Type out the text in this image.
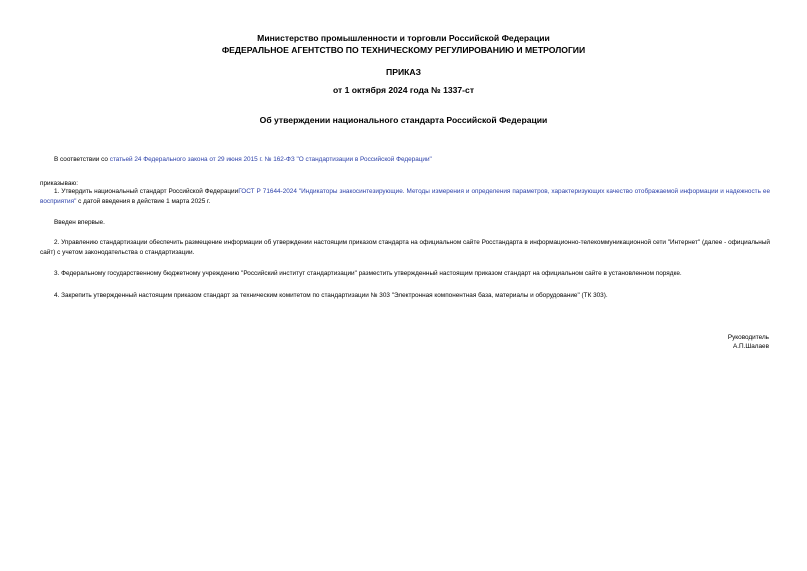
Министерство промышленности и торговли Российской Федерации
ФЕДЕРАЛЬНОЕ АГЕНТСТВО ПО ТЕХНИЧЕСКОМУ РЕГУЛИРОВАНИЮ И МЕТРОЛОГИИ
ПРИКАЗ
от 1 октября 2024 года № 1337-ст
Об утверждении национального стандарта Российской Федерации
В соответствии со статьей 24 Федерального закона от 29 июня 2015 г. № 162-ФЗ "О стандартизации в Российской Федерации"
приказываю:
1. Утвердить национальный стандарт Российской ФедерацииГОСТ Р 71644-2024 "Индикаторы знакосинтезирующие. Методы измерения и определения параметров, характеризующих качество отображаемой информации и надежность ее восприятия" с датой введения в действие 1 марта 2025 г.
Введен впервые.
2. Управлению стандартизации обеспечить размещение информации об утверждении настоящим приказом стандарта на официальном сайте Росстандарта в информационно-телекоммуникационной сети "Интернет" (далее - официальный сайт) с учетом законодательства о стандартизации.
3. Федеральному государственному бюджетному учреждению "Российский институт стандартизации" разместить утвержденный настоящим приказом стандарт на официальном сайте в установленном порядке.
4. Закрепить утвержденный настоящим приказом стандарт за техническим комитетом по стандартизации № 303 "Электронная компонентная база, материалы и оборудование" (ТК 303).
Руководитель
А.П.Шалаев
